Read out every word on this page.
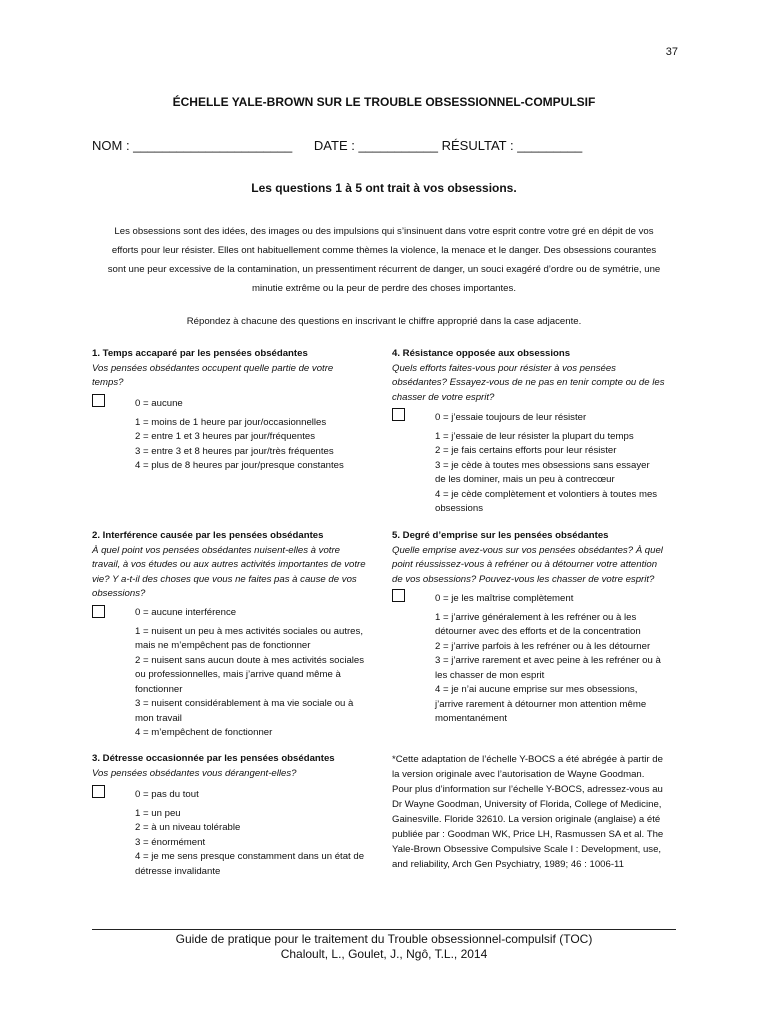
37
ÉCHELLE YALE-BROWN SUR LE TROUBLE OBSESSIONNEL-COMPULSIF
NOM : ______________________ DATE : ___________ RÉSULTAT : _________
Les questions 1 à 5 ont trait à vos obsessions.
Les obsessions sont des idées, des images ou des impulsions qui s’insinuent dans votre esprit contre votre gré en dépit de vos
efforts pour leur résister. Elles ont habituellement comme thèmes la violence, la menace et le danger. Des obsessions courantes
sont une peur excessive de la contamination, un pressentiment récurrent de danger, un souci exagéré d’ordre ou de symétrie, une
minutie extrême ou la peur de perdre des choses importantes.
Répondez à chacune des questions en inscrivant le chiffre approprié dans la case adjacente.
1. Temps accaparé par les pensées obsédantes
Vos pensées obsédantes occupent quelle partie de votre
temps?
0 = aucune
1 = moins de 1 heure par jour/occasionnelles
2 = entre 1 et 3 heures par jour/fréquentes
3 = entre 3 et 8 heures par jour/très fréquentes
4 = plus de 8 heures par jour/presque constantes
2. Interférence causée par les pensées obsédantes
À quel point vos pensées obsédantes nuisent-elles à votre
travail, à vos études ou aux autres activités importantes de votre
vie? Y a-t-il des choses que vous ne faites pas à cause de vos
obsessions?
0 = aucune interférence
1 = nuisent un peu à mes activités sociales ou autres,
mais ne m’empêchent pas de fonctionner
2 = nuisent sans aucun doute à mes activités sociales
ou professionnelles, mais j’arrive quand même à
fonctionner
3 = nuisent considérablement à ma vie sociale ou à
mon travail
4 = m’empêchent de fonctionner
3. Détresse occasionnée par les pensées obsédantes
Vos pensées obsédantes vous dérangent-elles?
0 = pas du tout
1 = un peu
2 = à un niveau tolérable
3 = énormément
4 = je me sens presque constamment dans un état de
détresse invalidante
4. Résistance opposée aux obsessions
Quels efforts faites-vous pour résister à vos pensées
obsédantes? Essayez-vous de ne pas en tenir compte ou de les
chasser de votre esprit?
0 = j’essaie toujours de leur résister
1 = j’essaie de leur résister la plupart du temps
2 = je fais certains efforts pour leur résister
3 = je cède à toutes mes obsessions sans essayer
de les dominer, mais un peu à contrecœur
4 = je cède complètement et volontiers à toutes mes
obsessions
5. Degré d’emprise sur les pensées obsédantes
Quelle emprise avez-vous sur vos pensées obsédantes? À quel
point réussissez-vous à refréner ou à détourner votre attention
de vos obsessions? Pouvez-vous les chasser de votre esprit?
0 = je les maîtrise complètement
1 = j’arrive généralement à les refréner ou à les
détourner avec des efforts et de la concentration
2 = j’arrive parfois à les refréner ou à les détourner
3 = j’arrive rarement et avec peine à les refréner ou à
les chasser de mon esprit
4 = je n’ai aucune emprise sur mes obsessions,
j’arrive rarement à détourner mon attention même
momentanément
*Cette adaptation de l’échelle Y-BOCS a été abrégée à partir de
la version originale avec l’autorisation de Wayne Goodman.
Pour plus d’information sur l’échelle Y-BOCS, adressez-vous au
Dr Wayne Goodman, University of Florida, College of Medicine,
Gainesville. Floride 32610. La version originale (anglaise) a été
publiée par : Goodman WK, Price LH, Rasmussen SA et al. The
Yale-Brown Obsessive Compulsive Scale I : Development, use,
and reliability, Arch Gen Psychiatry, 1989; 46 : 1006-11
Guide de pratique pour le traitement du Trouble obsessionnel-compulsif (TOC)
Chaloult, L., Goulet, J., Ngô, T.L., 2014
